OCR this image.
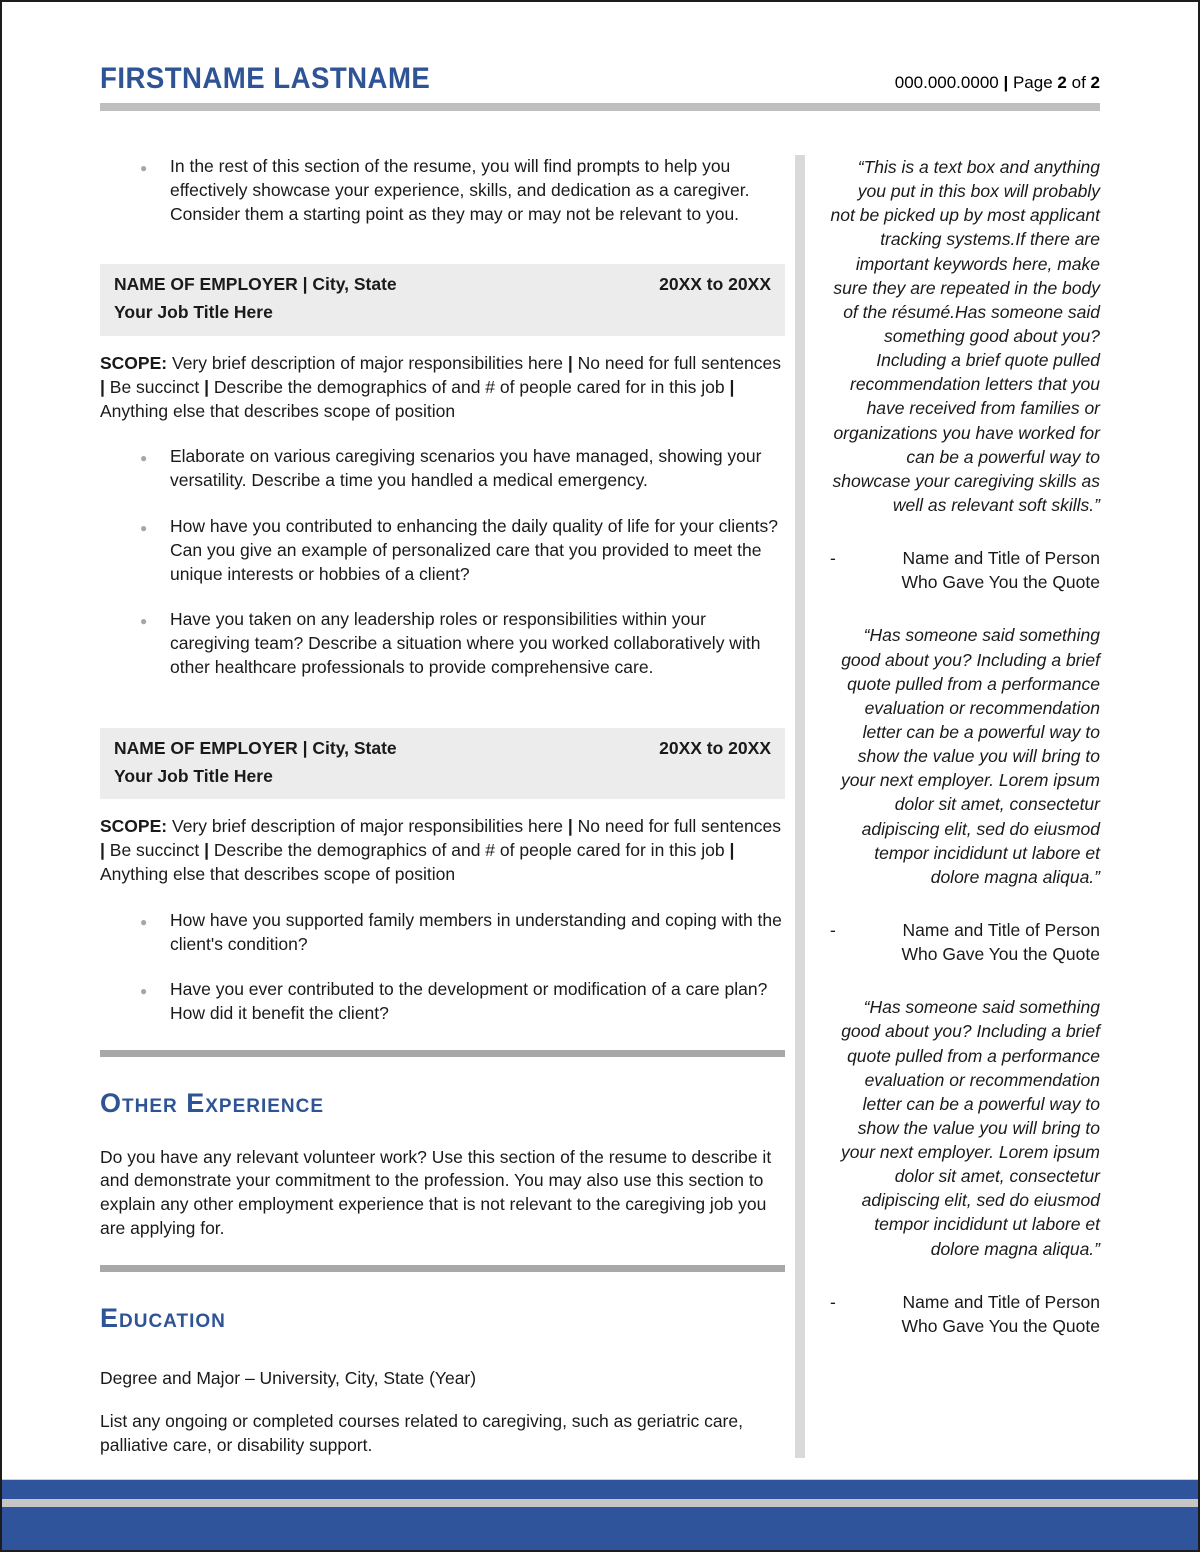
FIRSTNAME LASTNAME	000.000.0000 | Page 2 of 2
● In the rest of this section of the resume, you will find prompts to help you effectively showcase your experience, skills, and dedication as a caregiver. Consider them a starting point as they may or may not be relevant to you.
NAME OF EMPLOYER | City, State	20XX to 20XX
Your Job Title Here

SCOPE: Very brief description of major responsibilities here | No need for full sentences | Be succinct | Describe the demographics of and # of people cared for in this job | Anything else that describes scope of position

● Elaborate on various caregiving scenarios you have managed, showing your versatility. Describe a time you handled a medical emergency.
● How have you contributed to enhancing the daily quality of life for your clients? Can you give an example of personalized care that you provided to meet the unique interests or hobbies of a client?
● Have you taken on any leadership roles or responsibilities within your caregiving team? Describe a situation where you worked collaboratively with other healthcare professionals to provide comprehensive care.
NAME OF EMPLOYER | City, State	20XX to 20XX
Your Job Title Here

SCOPE: Very brief description of major responsibilities here | No need for full sentences | Be succinct | Describe the demographics of and # of people cared for in this job | Anything else that describes scope of position

● How have you supported family members in understanding and coping with the client's condition?
● Have you ever contributed to the development or modification of a care plan? How did it benefit the client?
Other Experience

Do you have any relevant volunteer work? Use this section of the resume to describe it and demonstrate your commitment to the profession. You may also use this section to explain any other employment experience that is not relevant to the caregiving job you are applying for.

Education

Degree and Major – University, City, State (Year)

List any ongoing or completed courses related to caregiving, such as geriatric care, palliative care, or disability support.

“This is a text box and anything you put in this box will probably not be picked up by most applicant tracking systems.If there are important keywords here, make sure they are repeated in the body of the résumé.Has someone said something good about you? Including a brief quote pulled recommendation letters that you have received from families or organizations you have worked for can be a powerful way to showcase your caregiving skills as well as relevant soft skills.”
-	Name and Title of Person Who Gave You the Quote
“Has someone said something good about you? Including a brief quote pulled from a performance evaluation or recommendation letter can be a powerful way to show the value you will bring to your next employer. Lorem ipsum dolor sit amet, consectetur adipiscing elit, sed do eiusmod tempor incididunt ut labore et dolore magna aliqua.”
-	Name and Title of Person Who Gave You the Quote
“Has someone said something good about you? Including a brief quote pulled from a performance evaluation or recommendation letter can be a powerful way to show the value you will bring to your next employer. Lorem ipsum dolor sit amet, consectetur adipiscing elit, sed do eiusmod tempor incididunt ut labore et dolore magna aliqua.”
-	Name and Title of Person Who Gave You the Quote
